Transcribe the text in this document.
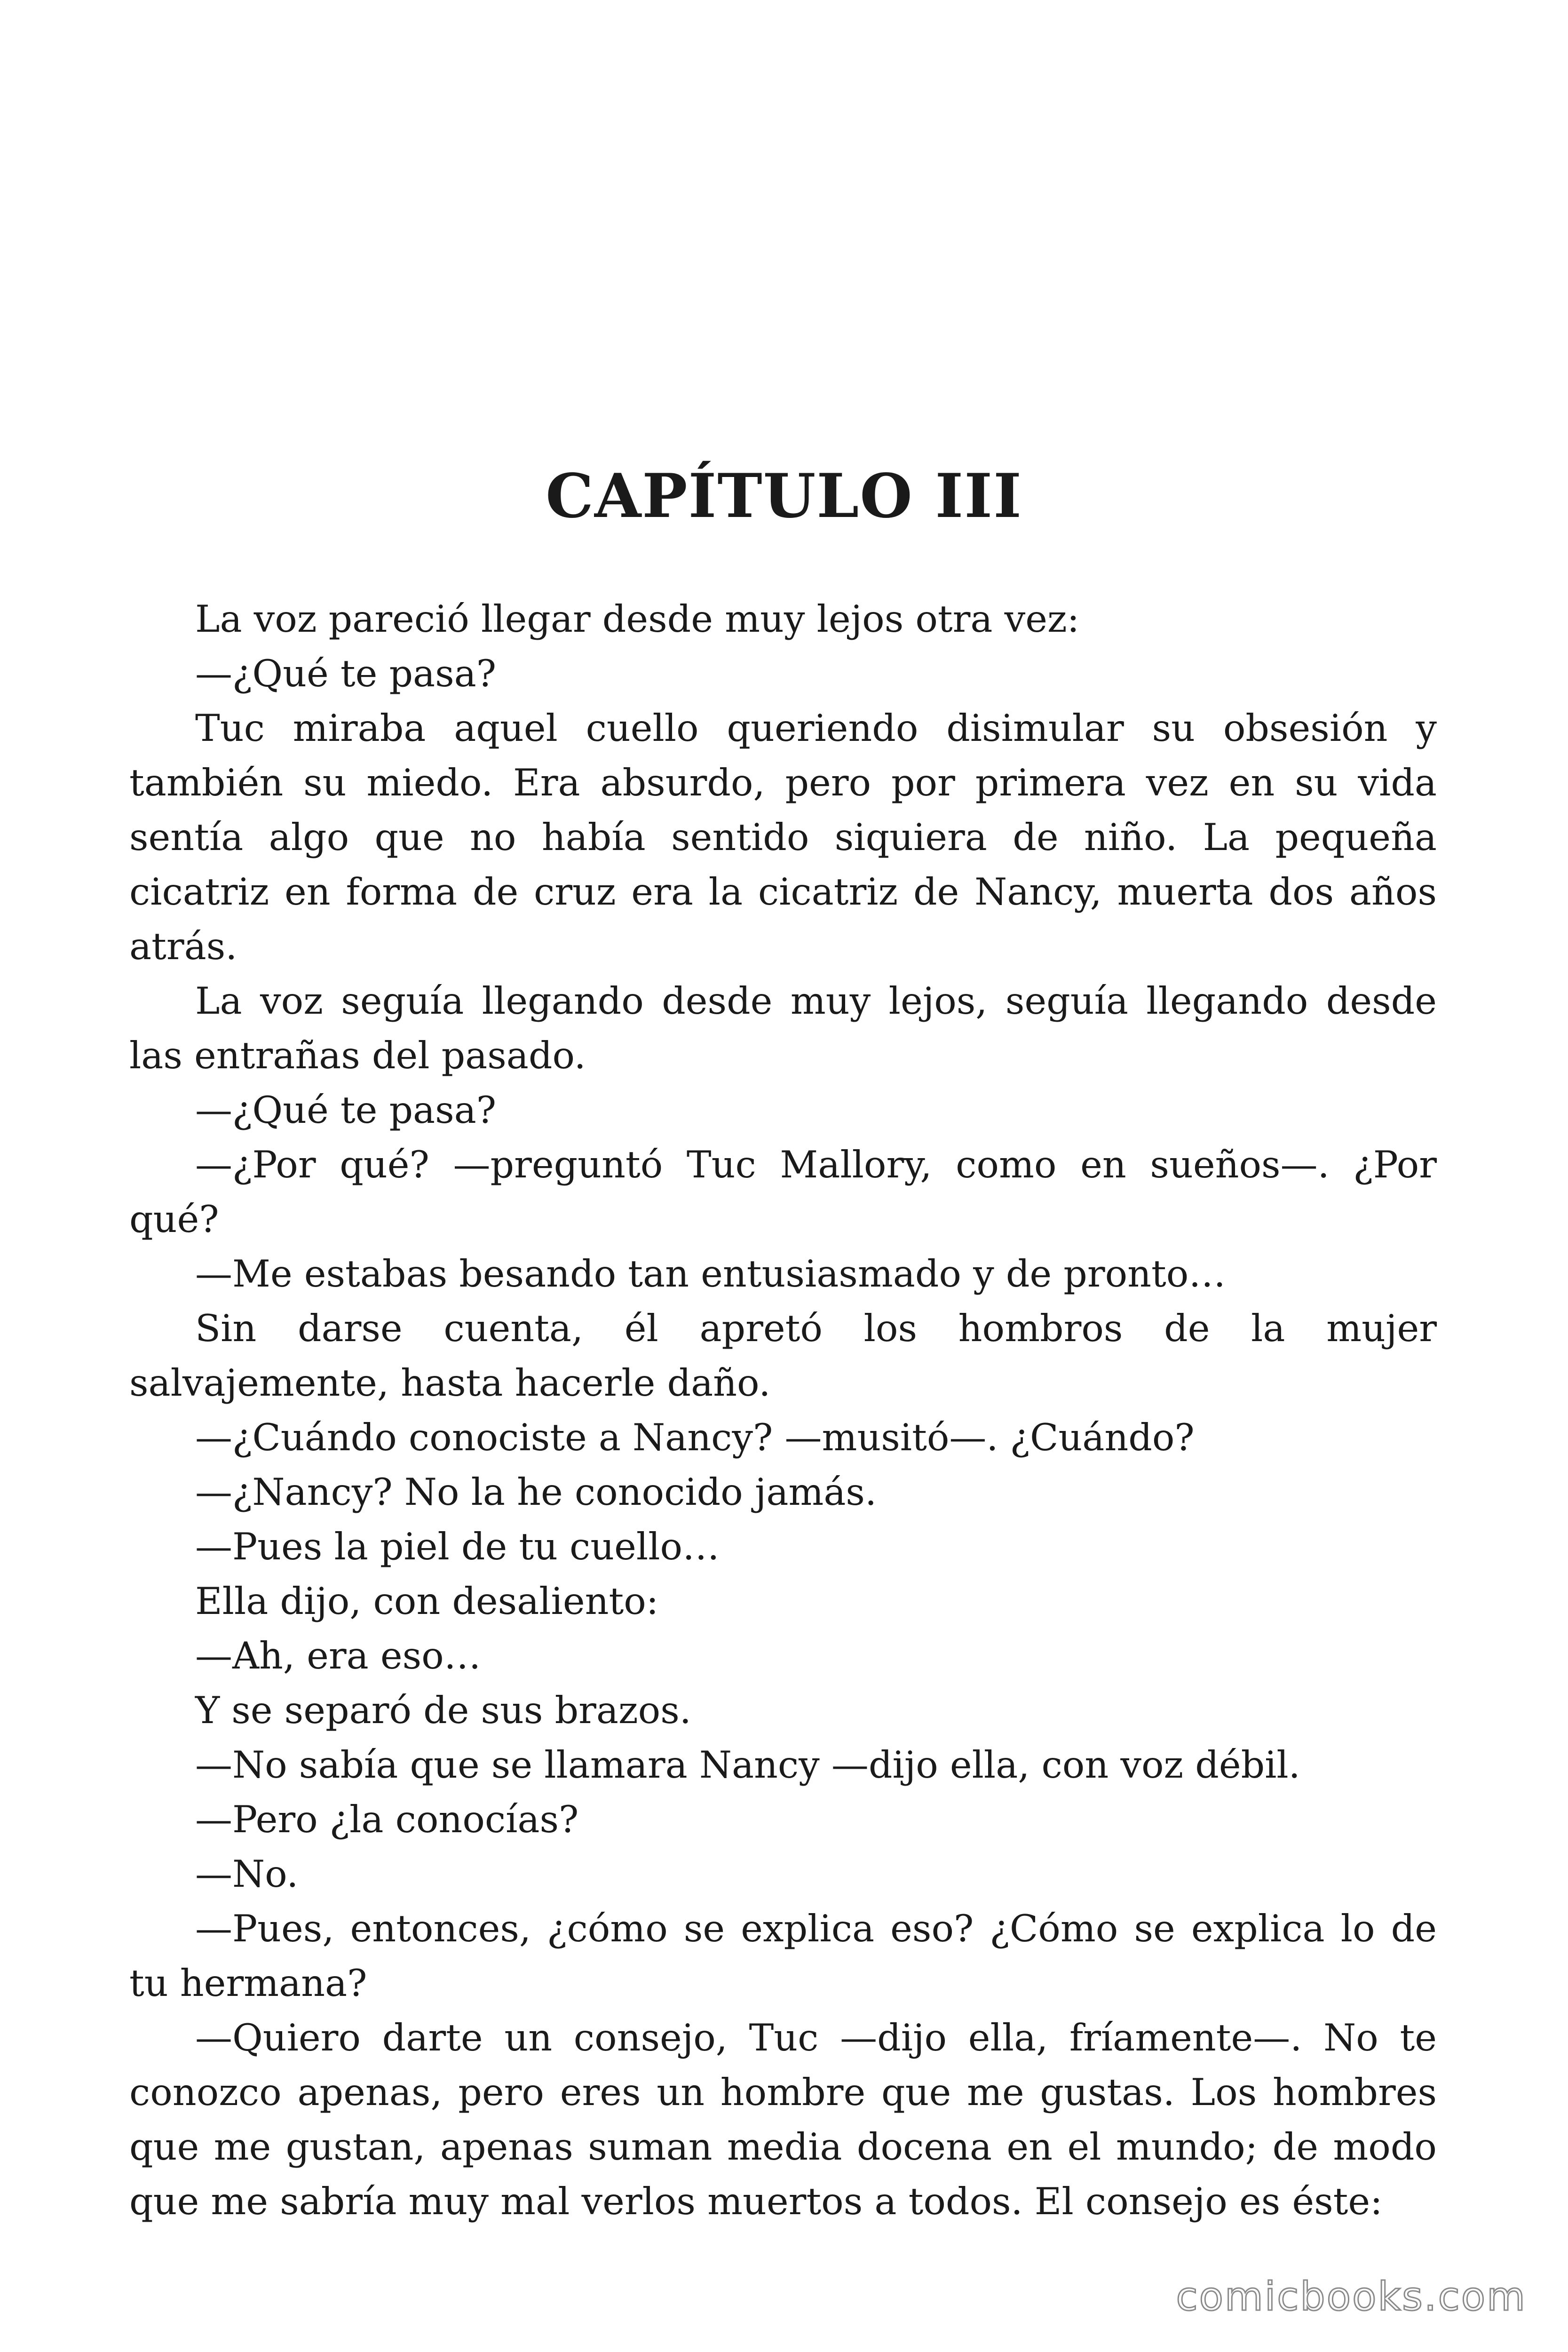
CAPÍTULO III

La voz pareció llegar desde muy lejos otra vez:

—¿Qué te pasa?

Tuc miraba aquel cuello queriendo disimular su obsesión y también su miedo. Era absurdo, pero por primera vez en su vida sentía algo que no había sentido siquiera de niño. La pequeña cicatriz en forma de cruz era la cicatriz de Nancy, muerta dos años atrás.

La voz seguía llegando desde muy lejos, seguía llegando desde las entrañas del pasado.

—¿Qué te pasa?

—¿Por qué? —preguntó Tuc Mallory, como en sueños—. ¿Por qué?

—Me estabas besando tan entusiasmado y de pronto…

Sin darse cuenta, él apretó los hombros de la mujer salvajemente, hasta hacerle daño.

—¿Cuándo conociste a Nancy? —musitó—. ¿Cuándo?

—¿Nancy? No la he conocido jamás.

—Pues la piel de tu cuello…

Ella dijo, con desaliento:

—Ah, era eso…

Y se separó de sus brazos.

—No sabía que se llamara Nancy —dijo ella, con voz débil.

—Pero ¿la conocías?

—No.

—Pues, entonces, ¿cómo se explica eso? ¿Cómo se explica lo de tu hermana?

—Quiero darte un consejo, Tuc —dijo ella, fríamente—. No te conozco apenas, pero eres un hombre que me gustas. Los hombres que me gustan, apenas suman media docena en el mundo; de modo que me sabría muy mal verlos muertos a todos. El consejo es éste:

comicbooks.com
